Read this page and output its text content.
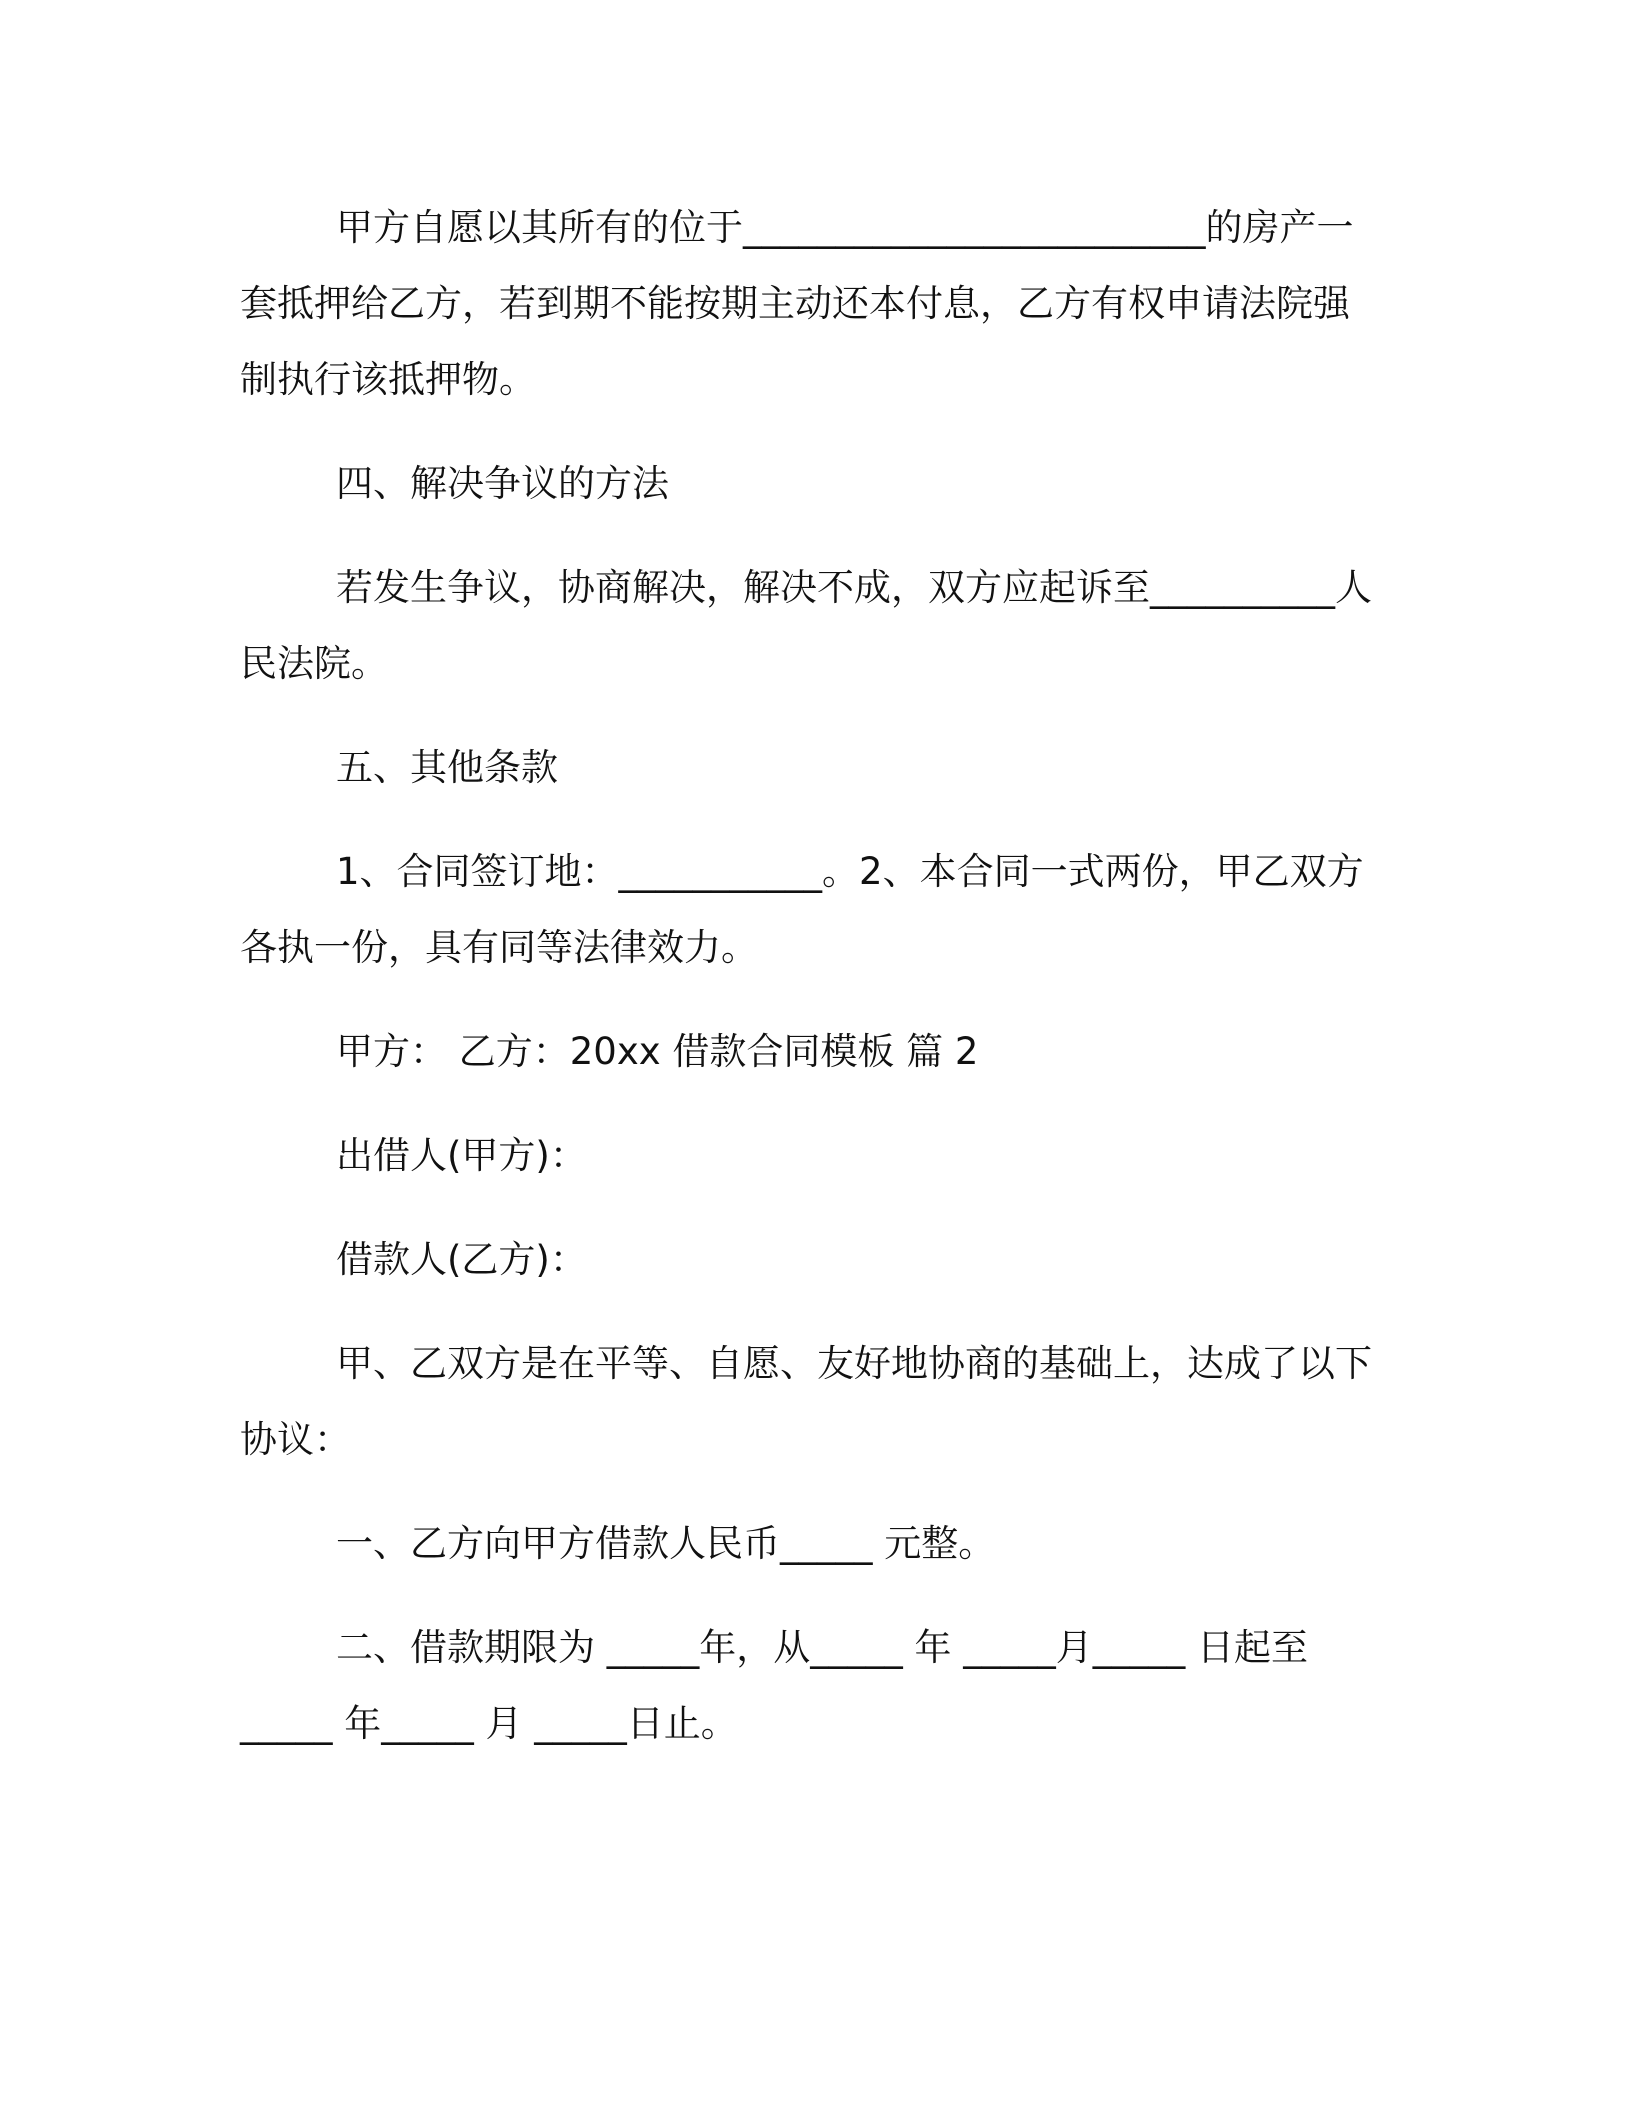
甲方自愿以其所有的位于_________________________的房产一套抵押给乙方，若到期不能按期主动还本付息，乙方有权申请法院强制执行该抵押物。

四、解决争议的方法

若发生争议，协商解决，解决不成，双方应起诉至__________人民法院。

五、其他条款

1、合同签订地：___________。2、本合同一式两份，甲乙双方各执一份，具有同等法律效力。

甲方： 乙方：20xx 借款合同模板 篇 2

出借人(甲方)：

借款人(乙方)：

甲、乙双方是在平等、自愿、友好地协商的基础上，达成了以下协议：

一、乙方向甲方借款人民币_____ 元整。

二、借款期限为 _____年，从_____ 年 _____月_____ 日起至_____ 年_____ 月 _____日止。
